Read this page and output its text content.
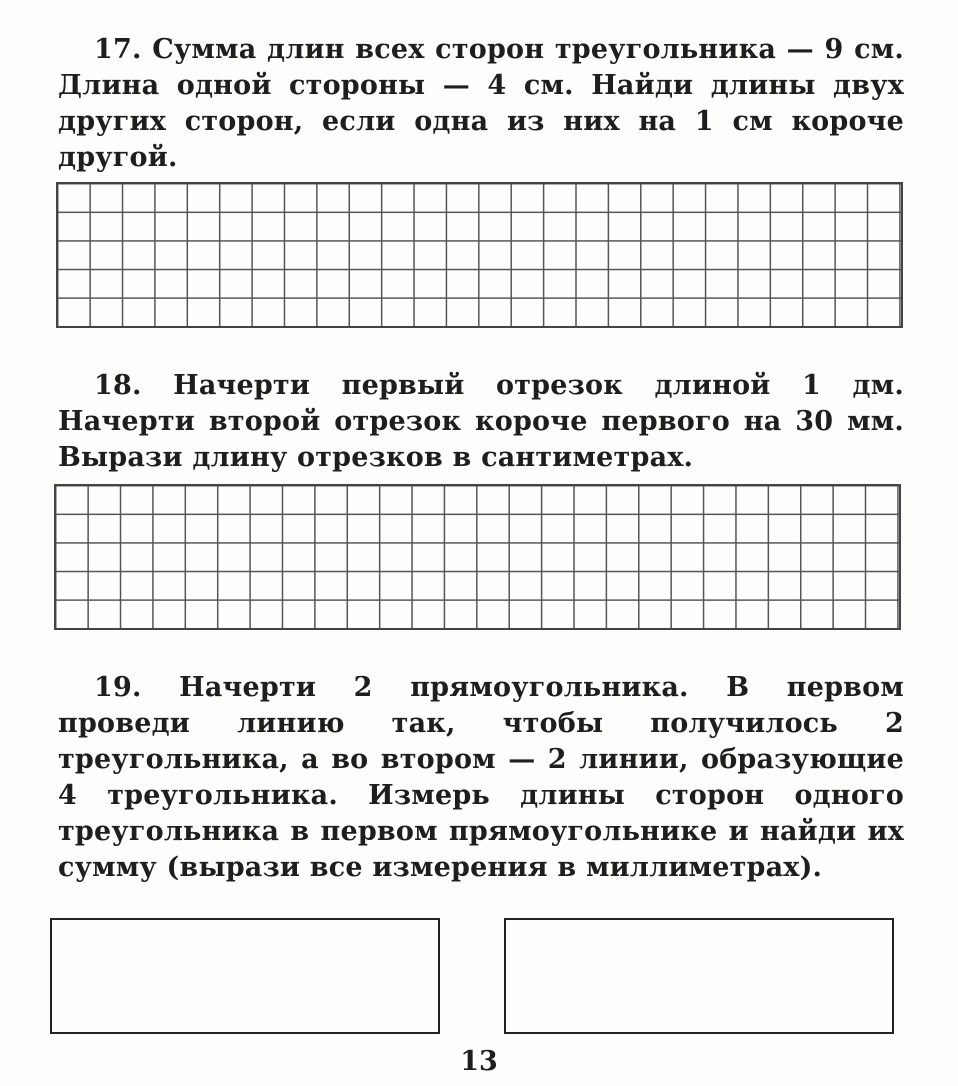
17. Сумма длин всех сторон треугольника — 9 см. Длина одной стороны — 4 см. Найди длины двух других сторон, если одна из них на 1 см короче другой.
18. Начерти первый отрезок длиной 1 дм. Начерти второй отрезок короче первого на 30 мм. Вырази длину отрезков в сантиметрах.
19. Начерти 2 прямоугольника. В первом проведи линию так, чтобы получилось 2 треугольника, а во втором — 2 линии, образующие 4 треугольника. Измерь длины сторон одного треугольника в первом прямоугольнике и найди их сумму (вырази все измерения в миллиметрах).
13
